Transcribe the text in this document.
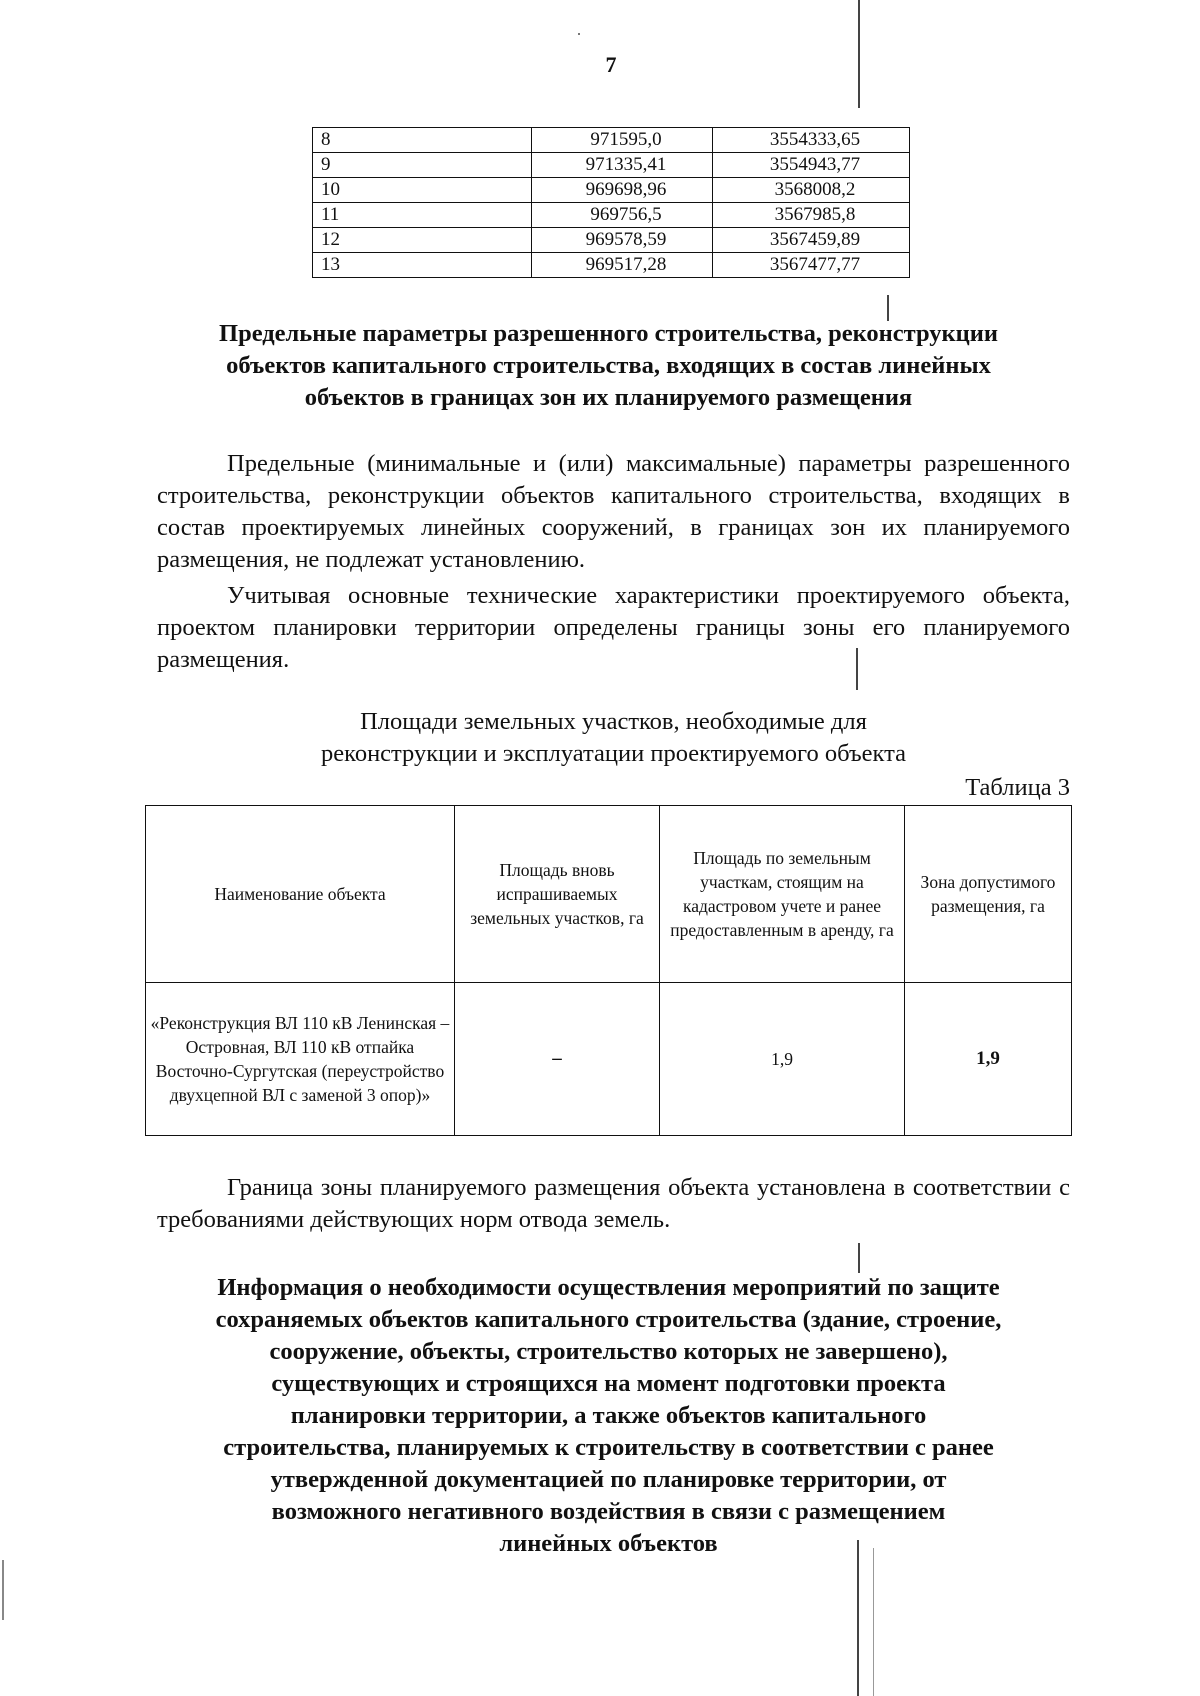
7
8	971595,0	3554333,65
9	971335,41	3554943,77
10	969698,96	3568008,2
11	969756,5	3567985,8
12	969578,59	3567459,89
13	969517,28	3567477,77
Предельные параметры разрешенного строительства, реконструкции
объектов капитального строительства, входящих в состав линейных
объектов в границах зон их планируемого размещения

Предельные (минимальные и (или) максимальные) параметры разрешенного строительства, реконструкции объектов капитального строительства, входящих в состав проектируемых линейных сооружений, в границах зон их планируемого размещения, не подлежат установлению.

Учитывая основные технические характеристики проектируемого объекта, проектом планировки территории определены границы зоны его планируемого размещения.

Площади земельных участков, необходимые для
реконструкции и эксплуатации проектируемого объекта
Таблица 3
Наименование объекта	Площадь вновь испрашиваемых земельных участков, га	Площадь по земельным участкам, стоящим на кадастровом учете и ранее предоставленным в аренду, га	Зона допустимого размещения, га
«Реконструкция ВЛ 110 кВ Ленинская – Островная, ВЛ 110 кВ отпайка Восточно-Сургутская (переустройство двухцепной ВЛ с заменой 3 опор)»	–	1,9	1,9

Граница зоны планируемого размещения объекта установлена в соответствии с требованиями действующих норм отвода земель.

Информация о необходимости осуществления мероприятий по защите
сохраняемых объектов капитального строительства (здание, строение,
сооружение, объекты, строительство которых не завершено),
существующих и строящихся на момент подготовки проекта
планировки территории, а также объектов капитального
строительства, планируемых к строительству в соответствии с ранее
утвержденной документацией по планировке территории, от
возможного негативного воздействия в связи с размещением
линейных объектов
